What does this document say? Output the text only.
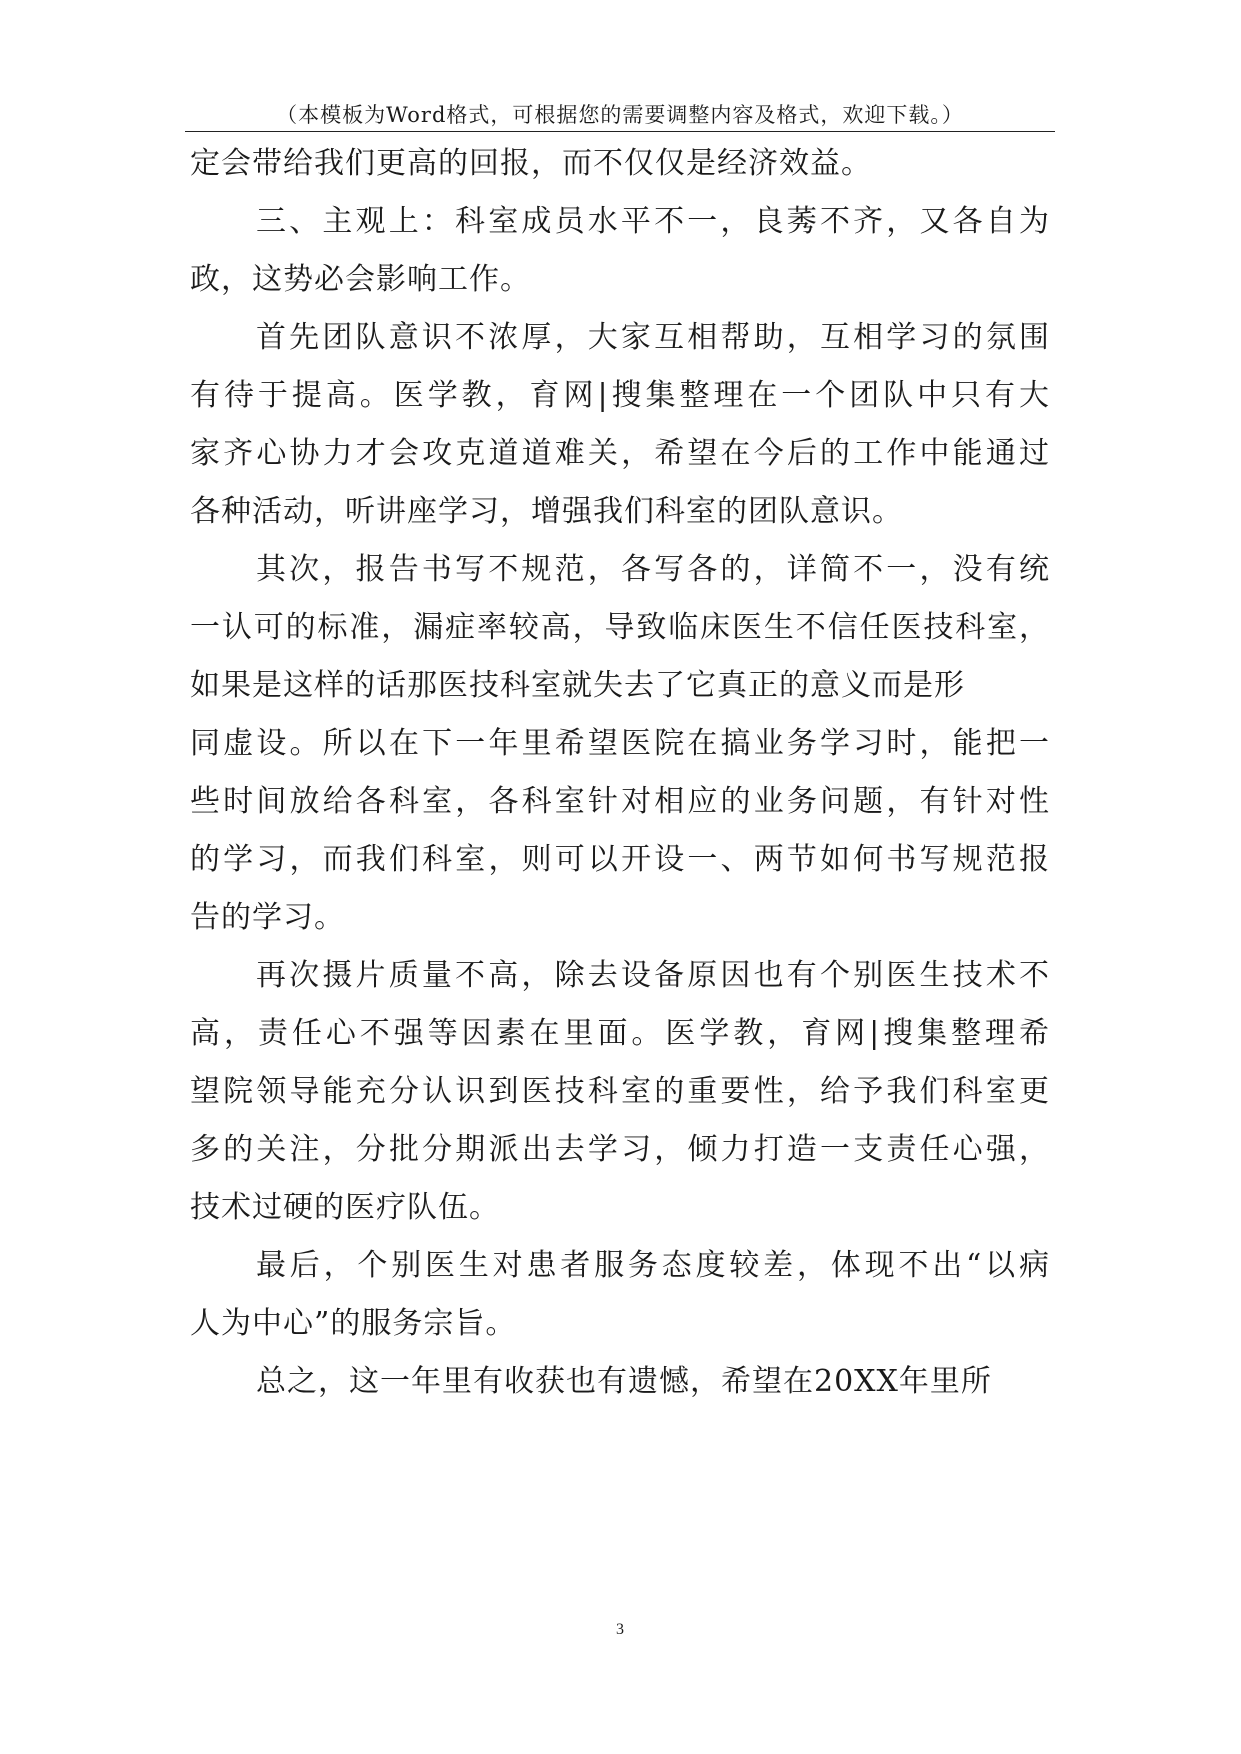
（本模板为Word格式，可根据您的需要调整内容及格式，欢迎下载。）
定会带给我们更高的回报，而不仅仅是经济效益。
三、主观上：科室成员水平不一，良莠不齐，又各自为
政，这势必会影响工作。
首先团队意识不浓厚，大家互相帮助，互相学习的氛围
有待于提高。医学教，育网|搜集整理在一个团队中只有大
家齐心协力才会攻克道道难关，希望在今后的工作中能通过
各种活动，听讲座学习，增强我们科室的团队意识。
其次，报告书写不规范，各写各的，详简不一，没有统
一认可的标准，漏症率较高，导致临床医生不信任医技科室，
如果是这样的话那医技科室就失去了它真正的意义而是形
同虚设。所以在下一年里希望医院在搞业务学习时，能把一
些时间放给各科室，各科室针对相应的业务问题，有针对性
的学习，而我们科室，则可以开设一、两节如何书写规范报
告的学习。
再次摄片质量不高，除去设备原因也有个别医生技术不
高，责任心不强等因素在里面。医学教，育网|搜集整理希
望院领导能充分认识到医技科室的重要性，给予我们科室更
多的关注，分批分期派出去学习，倾力打造一支责任心强，
技术过硬的医疗队伍。
最后，个别医生对患者服务态度较差，体现不出“以病
人为中心”的服务宗旨。
总之，这一年里有收获也有遗憾，希望在20XX年里所
3
